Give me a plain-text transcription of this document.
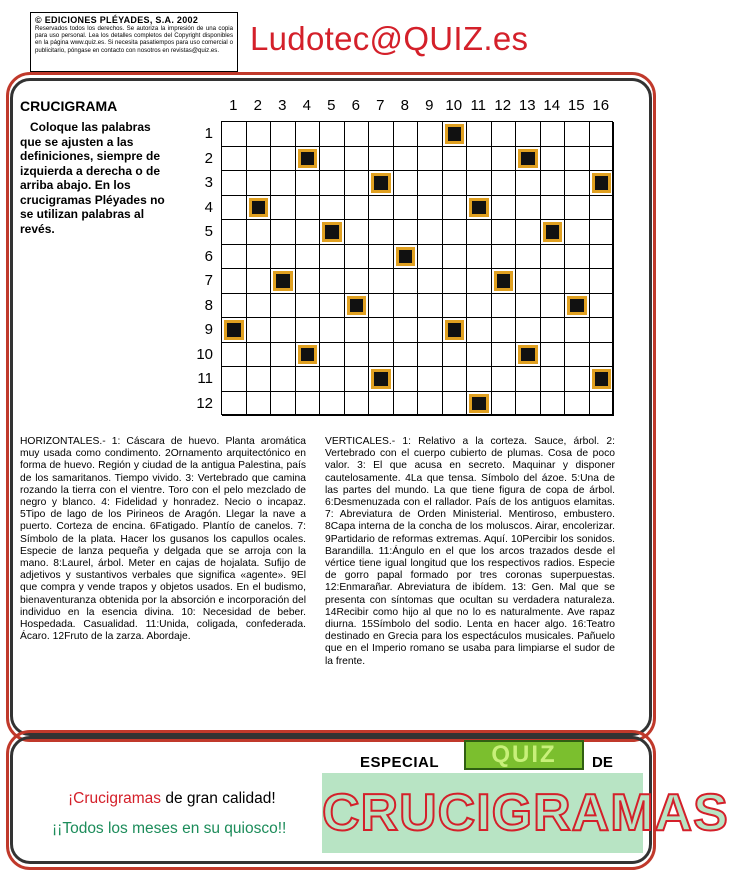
© EDICIONES PLÉYADES, S.A. 2002
Reservados todos los derechos. Se autoriza la impresión de una copia para uso personal. Lea los detalles completos del Copyright disponibles en la página www.quiz.es. Si necesita pasatiempos para uso comercial o publicitario, póngase en contacto con nosotros en revistas@quiz.es. Ludotec@QUIZ.es
CRUCIGRAMA
Coloque las palabras que se ajusten a las definiciones, siempre de izquierda a derecha o de arriba abajo. En los crucigramas Pléyades no se utilizan palabras al revés.
1	2	3	4	5	6	7	8	9 10 11 12 13 14 15 16
1
2
3
4
5
6
7
8
9
10
11
12
HORIZONTALES.- 1: Cáscara de huevo. Planta aromática muy usada como condimento. 2Ornamento arquitectónico en forma de huevo. Región y ciudad de la antigua Palestina, país de los samaritanos. Tiempo vivido. 3: Vertebrado que camina rozando la tierra con el vientre. Toro con el pelo mezclado de negro y blanco. 4: Fidelidad y honradez. Necio o incapaz. 5Tipo de lago de los Pirineos de Aragón. Llegar la nave a puerto. Corteza de encina. 6Fatigado. Plantío de canelos. 7: Símbolo de la plata. Hacer los gusanos los capullos ocales. Especie de lanza pequeña y delgada que se arroja con la mano. 8:Laurel, árbol. Meter en cajas de hojalata. Sufijo de adjetivos y sustantivos verbales que significa «agente». 9El que compra y vende trapos y objetos usados. En el budismo, bienaventuranza obtenida por la absorción e incorporación del individuo en la esencia divina. 10: Necesidad de beber. Hospedada. Casualidad. 11:Unida, coligada, confederada. Ácaro. 12Fruto de la zarza. Abordaje.
VERTICALES.- 1: Relativo a la corteza. Sauce, árbol. 2: Vertebrado con el cuerpo cubierto de plumas. Cosa de poco valor. 3: El que acusa en secreto. Maquinar y disponer cautelosamente. 4La que tensa. Símbolo del ázoe. 5:Una de las partes del mundo. La que tiene figura de copa de árbol. 6:Desmenuzada con el rallador. País de los antiguos elamitas. 7: Abreviatura de Orden Ministerial. Mentiroso, embustero. 8Capa interna de la concha de los moluscos. Airar, encolerizar. 9Partidario de reformas extremas. Aquí. 10Percibir los sonidos. Barandilla. 11:Ángulo en el que los arcos trazados desde el vértice tiene igual longitud que los respectivos radios. Especie de gorro papal formado por tres coronas superpuestas. 12:Enmarañar. Abreviatura de ibídem. 13: Gen. Mal que se presenta con síntomas que ocultan su verdadera naturaleza. 14Recibir como hijo al que no lo es naturalmente. Ave rapaz diurna. 15Símbolo del sodio. Lenta en hacer algo. 16:Teatro destinado en Grecia para los espectáculos musicales. Pañuelo que en el Imperio romano se usaba para limpiarse el sudor de la frente.
¡Crucigramas de gran calidad!
¡¡Todos los meses en su quiosco!!
ESPECIAL	QUIZ	DE
CRUCIGRAMAS
